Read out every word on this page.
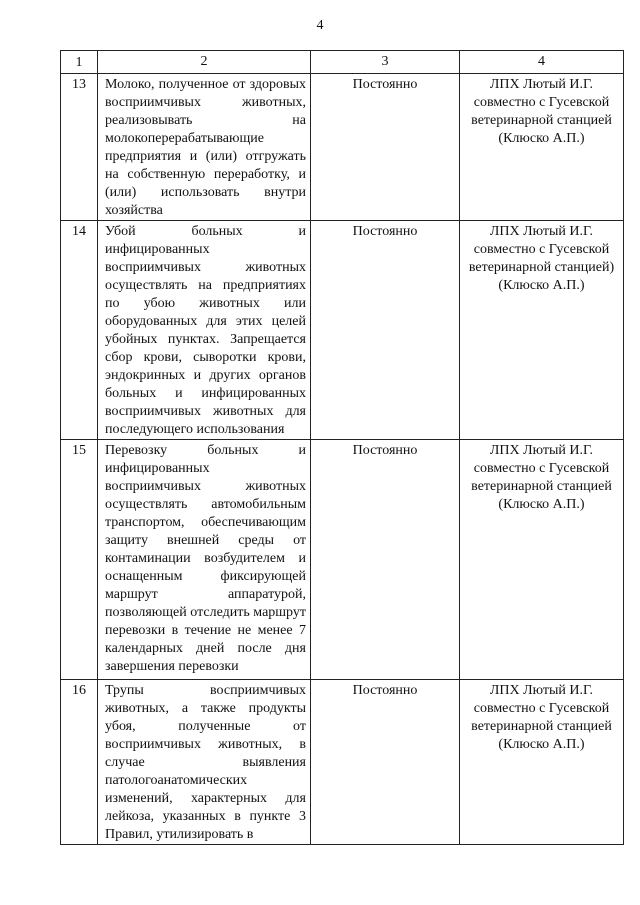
4
1	2	3	4
13	Молоко, полученное от здоровых восприимчивых животных, реализовывать на молокоперерабатывающие предприятия и (или) отгружать на собственную переработку, и (или) использовать внутри хозяйства	Постоянно	ЛПХ Лютый И.Г. совместно с Гусевской ветеринарной станцией (Клюско А.П.)

14	Убой больных и инфицированных восприимчивых животных осуществлять на предприятиях по убою животных или оборудованных для этих целей убойных пунктах. Запрещается сбор крови, сыворотки крови, эндокринных и других органов больных и инфицированных восприимчивых животных для последующего использования	Постоянно	ЛПХ Лютый И.Г. совместно с Гусевской ветеринарной станцией) (Клюско А.П.)

15	Перевозку больных и инфицированных восприимчивых животных осуществлять автомобильным транспортом, обеспечивающим защиту внешней среды от контаминации возбудителем и оснащенным фиксирующей маршрут аппаратурой, позволяющей отследить маршрут перевозки в течение не менее 7 календарных дней после дня завершения перевозки	Постоянно	ЛПХ Лютый И.Г. совместно с Гусевской ветеринарной станцией (Клюско А.П.)

16	Трупы восприимчивых животных, а также продукты убоя, полученные от восприимчивых животных, в случае выявления патологоанатомических изменений, характерных для лейкоза, указанных в пункте 3 Правил, утилизировать в	Постоянно	ЛПХ Лютый И.Г. совместно с Гусевской ветеринарной станцией (Клюско А.П.)
